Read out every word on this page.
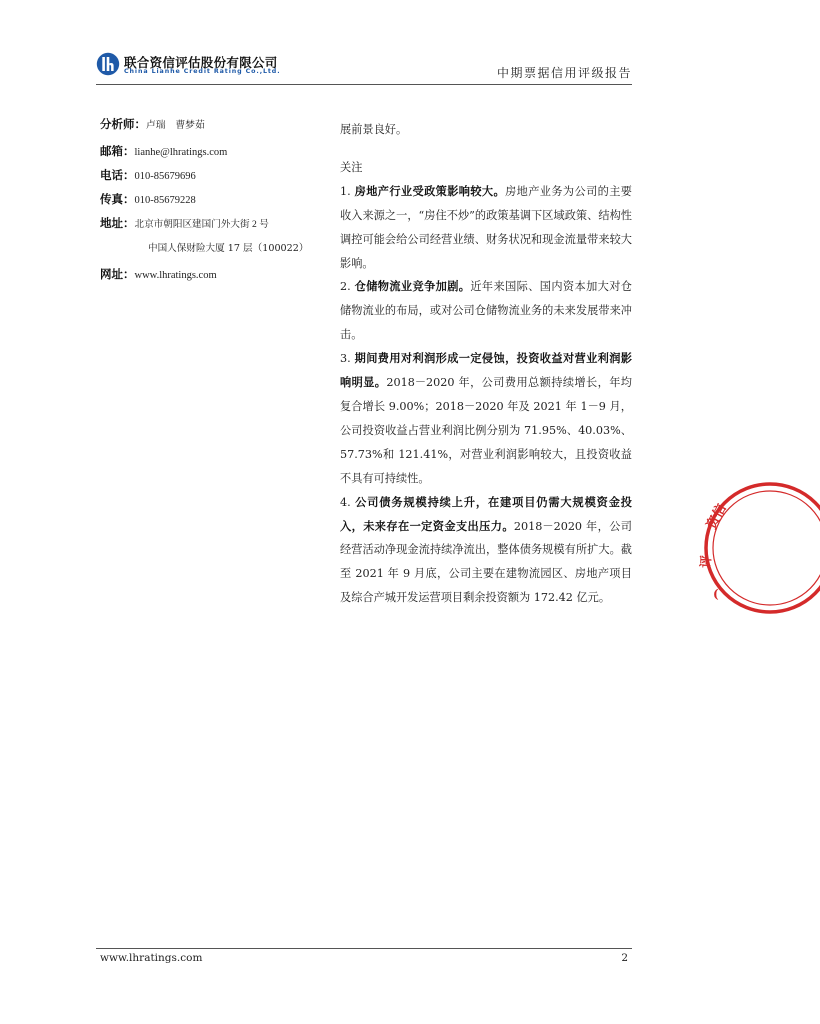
联合资信评估股份有限公司
China Lianhe Credit Rating Co.,Ltd.	中期票据信用评级报告
分析师：卢瑞　曹梦茹
邮箱：lianhe@lhratings.com
电话：010-85679696
传真：010-85679228
地址：北京市朝阳区建国门外大街 2 号
中国人保财险大厦 17 层（100022）
网址：www.lhratings.com

展前景良好。

关注

1. 房地产行业受政策影响较大。房地产业务为公司的主要收入来源之一，“房住不炒”的政策基调下区域政策、结构性调控可能会给公司经营业绩、财务状况和现金流量带来较大影响。

2. 仓储物流业竞争加剧。近年来国际、国内资本加大对仓储物流业的布局，或对公司仓储物流业务的未来发展带来冲击。

3. 期间费用对利润形成一定侵蚀，投资收益对营业利润影响明显。2018－2020 年，公司费用总额持续增长，年均复合增长 9.00%；2018－2020 年及 2021 年 1－9 月，公司投资收益占营业利润比例分别为 71.95%、40.03%、57.73%和 121.41%，对营业利润影响较大，且投资收益不具有可持续性。

4. 公司债务规模持续上升，在建项目仍需大规模资金投入，未来存在一定资金支出压力。2018－2020 年，公司经营活动净现金流持续净流出，整体债务规模有所扩大。截至 2021 年 9 月底，公司主要在建物流园区、房地产项目及综合产城开发运营项目剩余投资额为 172.42 亿元。

资信
评
(
www.lhratings.com	2
